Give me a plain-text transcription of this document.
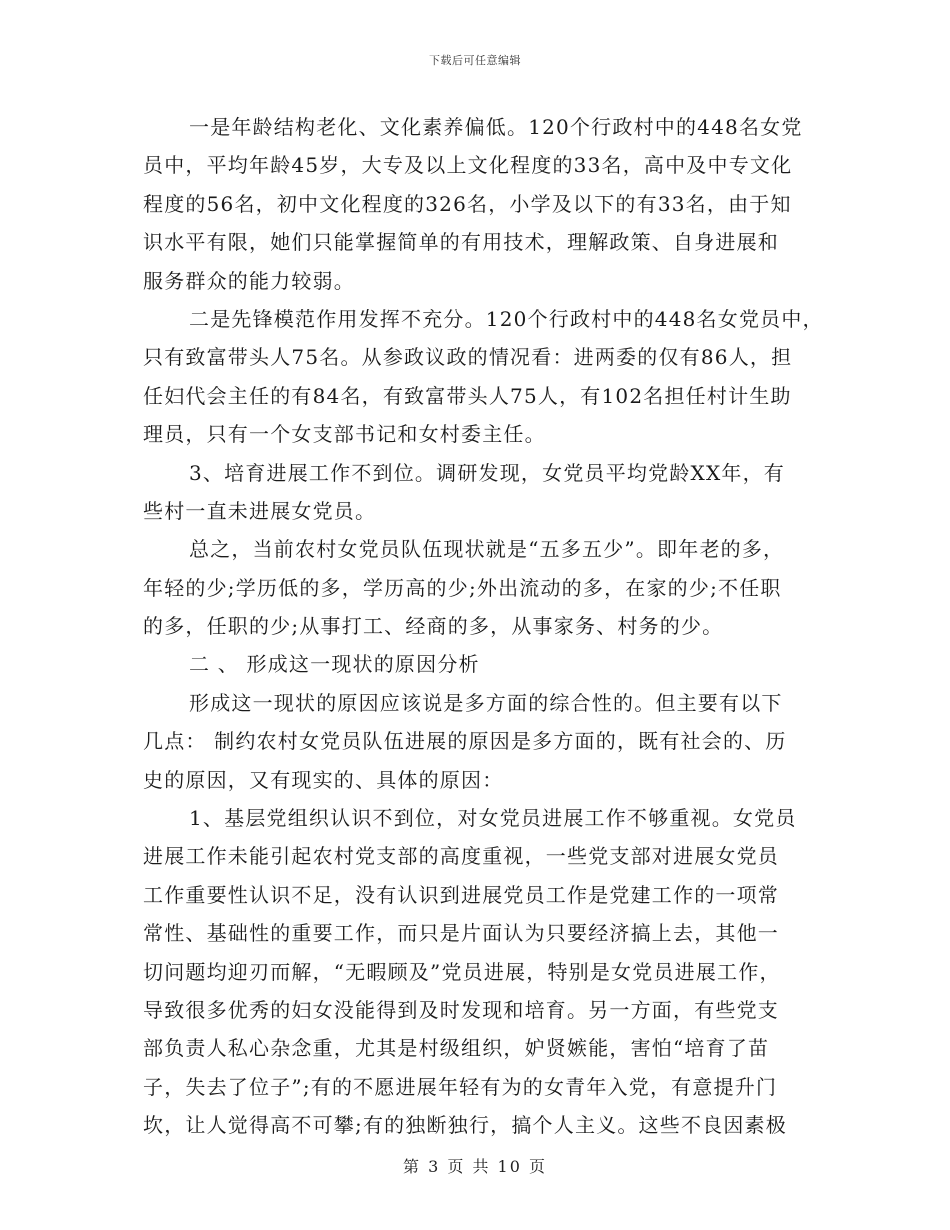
下载后可任意编辑
一是年龄结构老化、文化素养偏低。120个行政村中的448名女党
员中，平均年龄45岁，大专及以上文化程度的33名，高中及中专文化
程度的56名，初中文化程度的326名，小学及以下的有33名，由于知
识水平有限，她们只能掌握简单的有用技术，理解政策、自身进展和
服务群众的能力较弱。
二是先锋模范作用发挥不充分。120个行政村中的448名女党员中，
只有致富带头人75名。从参政议政的情况看：进两委的仅有86人，担
任妇代会主任的有84名，有致富带头人75人，有102名担任村计生助
理员，只有一个女支部书记和女村委主任。
3、培育进展工作不到位。调研发现，女党员平均党龄XX年，有
些村一直未进展女党员。
总之，当前农村女党员队伍现状就是“五多五少”。即年老的多，
年轻的少;学历低的多，学历高的少;外出流动的多，在家的少;不任职
的多，任职的少;从事打工、经商的多，从事家务、村务的少。
二 、 形成这一现状的原因分析
形成这一现状的原因应该说是多方面的综合性的。但主要有以下
几点： 制约农村女党员队伍进展的原因是多方面的，既有社会的、历
史的原因，又有现实的、具体的原因：
1、基层党组织认识不到位，对女党员进展工作不够重视。女党员
进展工作未能引起农村党支部的高度重视，一些党支部对进展女党员
工作重要性认识不足，没有认识到进展党员工作是党建工作的一项常
常性、基础性的重要工作，而只是片面认为只要经济搞上去，其他一
切问题均迎刃而解，“无暇顾及”党员进展，特别是女党员进展工作，
导致很多优秀的妇女没能得到及时发现和培育。另一方面，有些党支
部负责人私心杂念重，尤其是村级组织，妒贤嫉能，害怕“培育了苗
子，失去了位子”;有的不愿进展年轻有为的女青年入党，有意提升门
坎，让人觉得高不可攀;有的独断独行，搞个人主义。这些不良因素极
第 3 页 共 10 页
